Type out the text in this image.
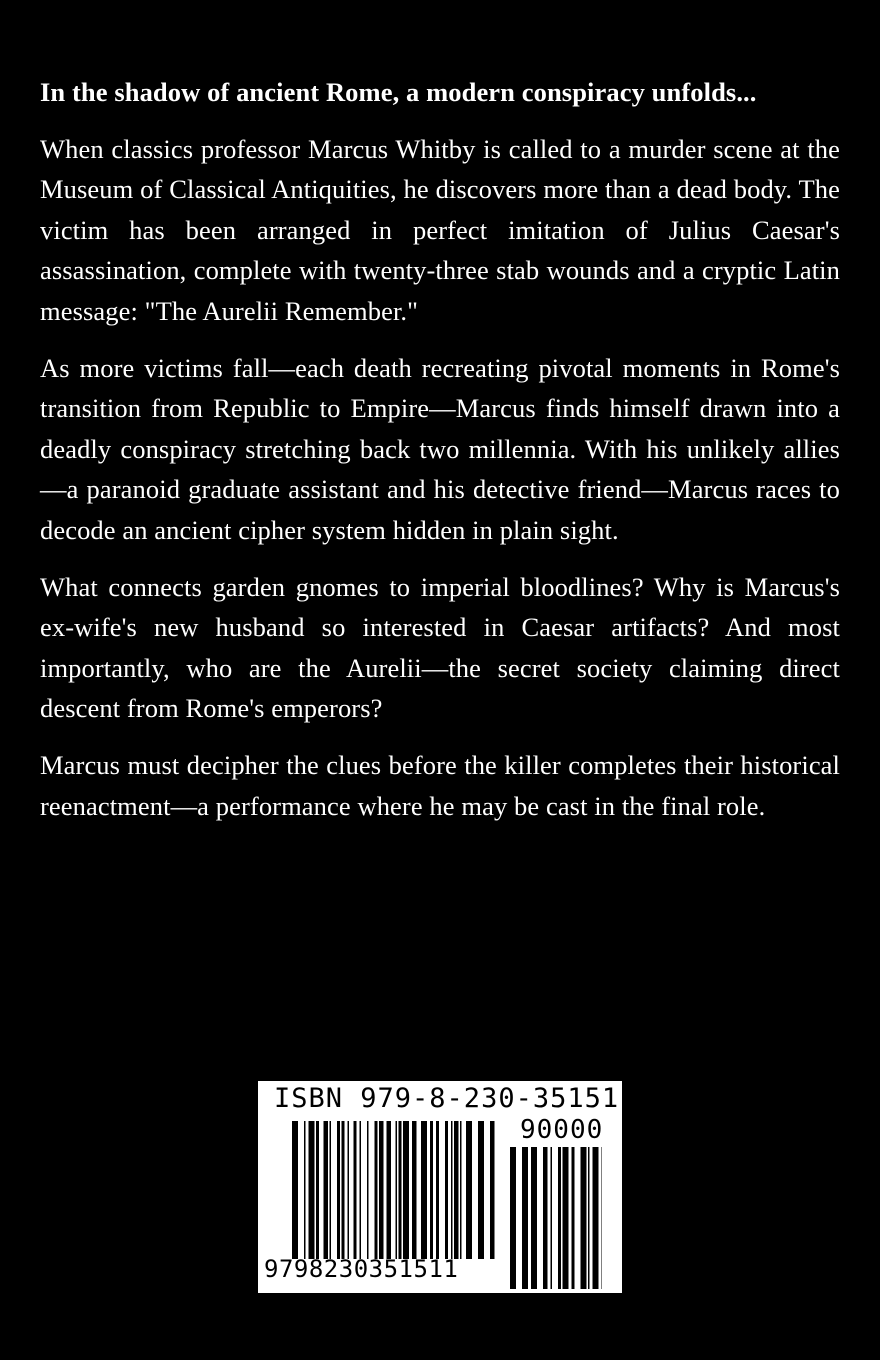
In the shadow of ancient Rome, a modern conspiracy unfolds...

When classics professor Marcus Whitby is called to a murder scene at the Museum of Classical Antiquities, he discovers more than a dead body. The victim has been arranged in perfect imitation of Julius Caesar's assassination, complete with twenty-three stab wounds and a cryptic Latin message: "The Aurelii Remember."

As more victims fall—each death recreating pivotal moments in Rome's transition from Republic to Empire—Marcus finds himself drawn into a deadly conspiracy stretching back two millennia. With his unlikely allies—a paranoid graduate assistant and his detective friend—Marcus races to decode an ancient cipher system hidden in plain sight.

What connects garden gnomes to imperial bloodlines? Why is Marcus's ex-wife's new husband so interested in Caesar artifacts? And most importantly, who are the Aurelii—the secret society claiming direct descent from Rome's emperors?

Marcus must decipher the clues before the killer completes their historical reenactment—a performance where he may be cast in the final role.

ISBN 979-8-230-35151-1
90000
9798230351511
